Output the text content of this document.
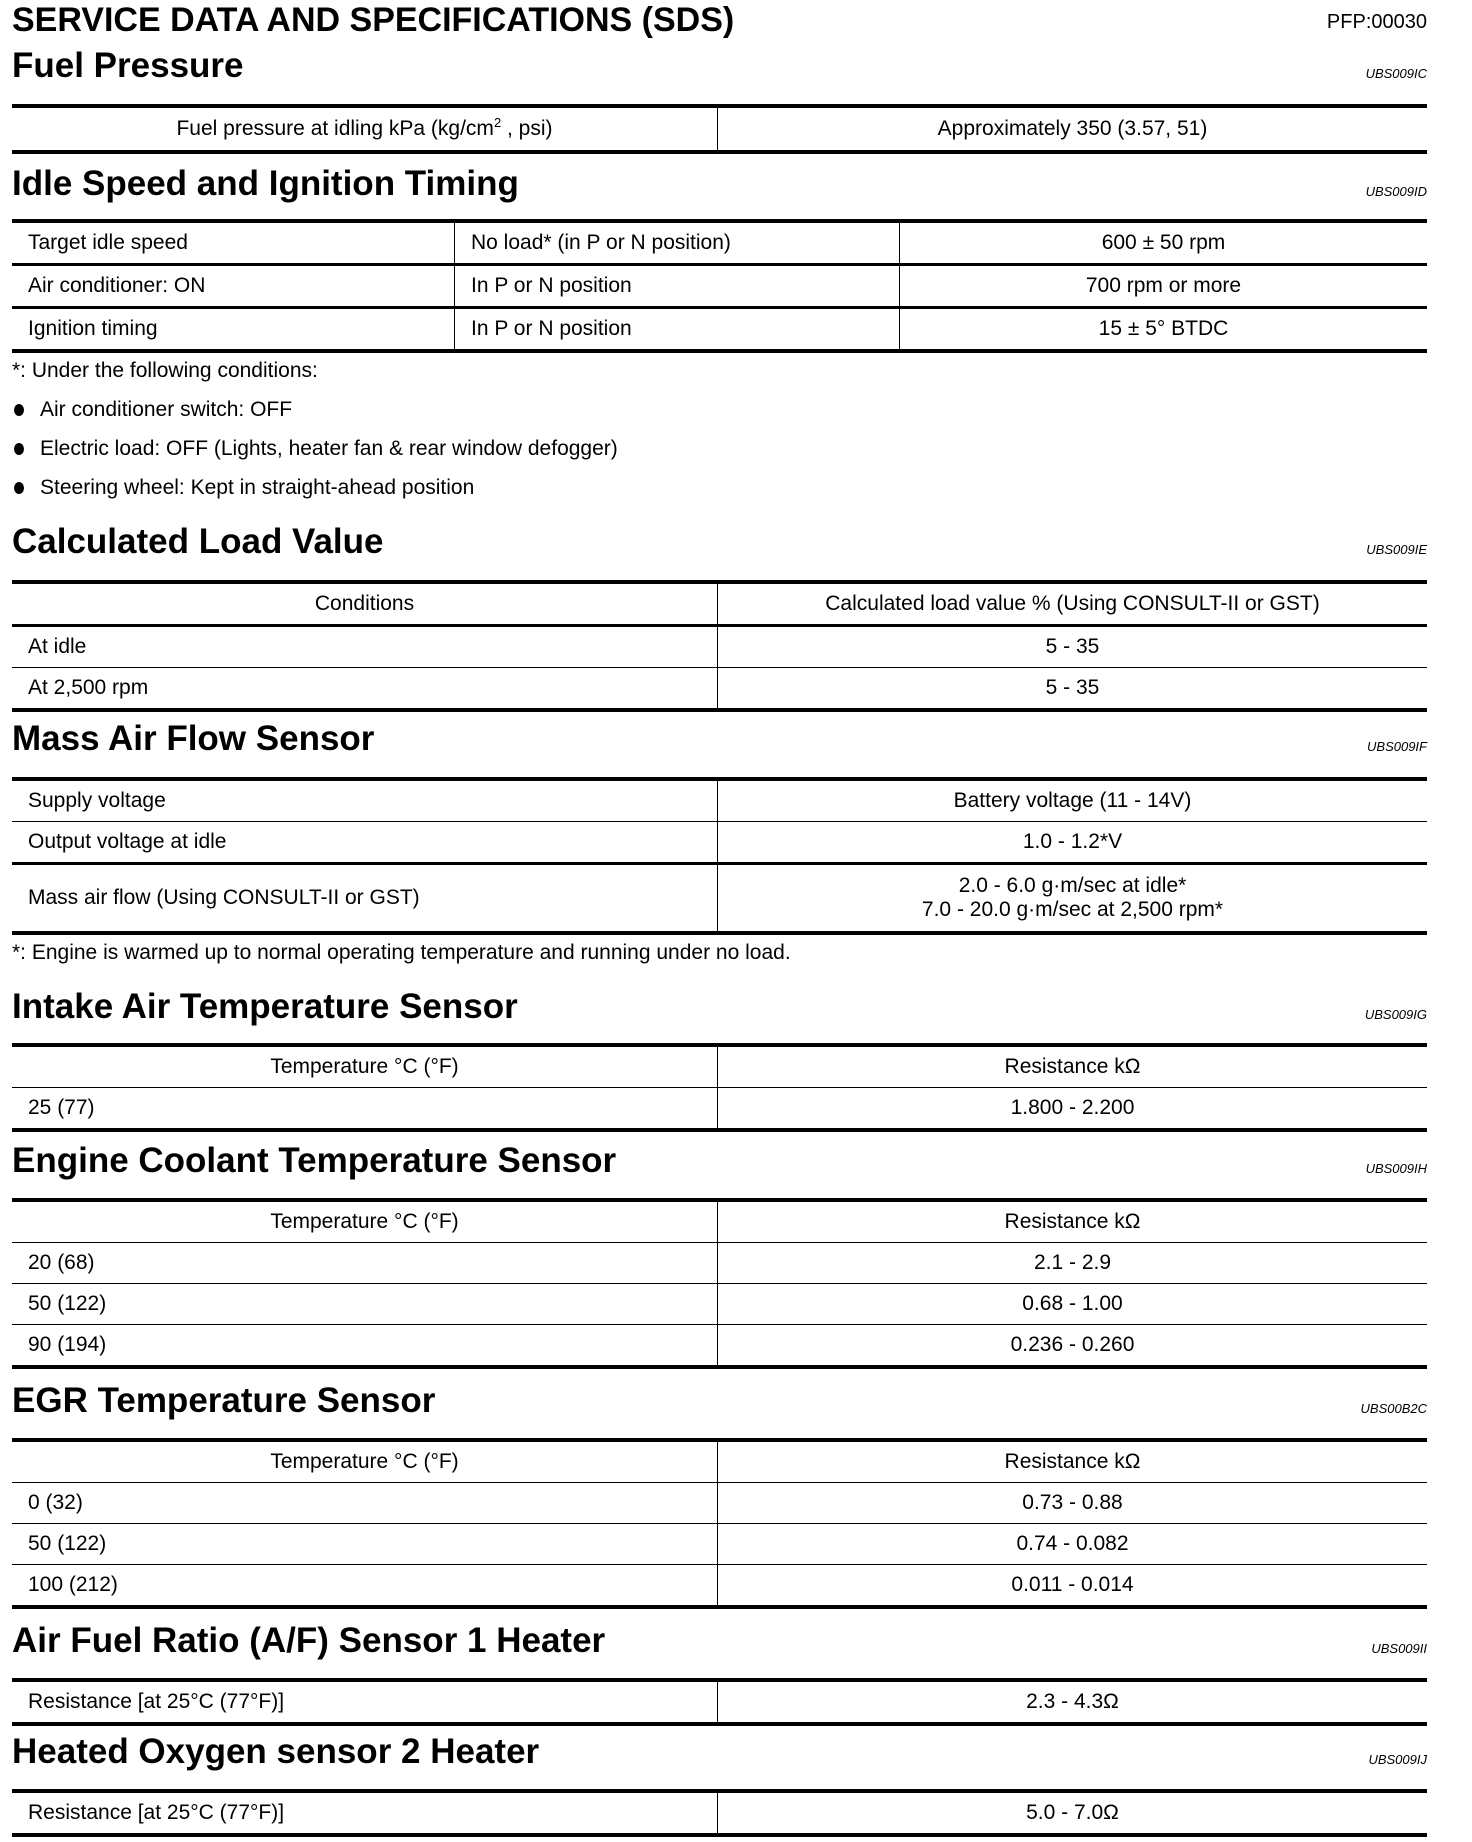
SERVICE DATA AND SPECIFICATIONS (SDS)	PFP:00030
Fuel Pressure	UBS009IC
Fuel pressure at idling kPa ($kg/cm^2$ , psi)	Approximately 350 (3.57, 51)
Idle Speed and Ignition Timing	UBS009ID
Target idle speed	No load* (in P or N position)	600 ± 50 rpm
Air conditioner: ON	In P or N position	700 rpm or more
Ignition timing	In P or N position	15 ± 5° BTDC
*: Under the following conditions:
Air conditioner switch: OFF
Electric load: OFF (Lights, heater fan & rear window defogger)
Steering wheel: Kept in straight-ahead position
Calculated Load Value	UBS009IE
Conditions	Calculated load value % (Using CONSULT-II or GST)
At idle	5 - 35
At 2,500 rpm	5 - 35
Mass Air Flow Sensor	UBS009IF
Supply voltage	Battery voltage (11 - 14V)
Output voltage at idle	1.0 - 1.2*V
Mass air flow (Using CONSULT-II or GST)	2.0 - 6.0 g·m/sec at idle*
7.0 - 20.0 g·m/sec at 2,500 rpm*
*: Engine is warmed up to normal operating temperature and running under no load.
Intake Air Temperature Sensor	UBS009IG
Temperature °C (°F)	Resistance kΩ
25 (77)	1.800 - 2.200
Engine Coolant Temperature Sensor	UBS009IH
Temperature °C (°F)	Resistance kΩ
20 (68)	2.1 - 2.9
50 (122)	0.68 - 1.00
90 (194)	0.236 - 0.260
EGR Temperature Sensor	UBS00B2C
Temperature °C (°F)	Resistance kΩ
0 (32)	0.73 - 0.88
50 (122)	0.74 - 0.082
100 (212)	0.011 - 0.014
Air Fuel Ratio (A/F) Sensor 1 Heater	UBS009II
Resistance [at 25°C (77°F)]	2.3 - 4.3Ω
Heated Oxygen sensor 2 Heater	UBS009IJ
Resistance [at 25°C (77°F)]	5.0 - 7.0Ω
